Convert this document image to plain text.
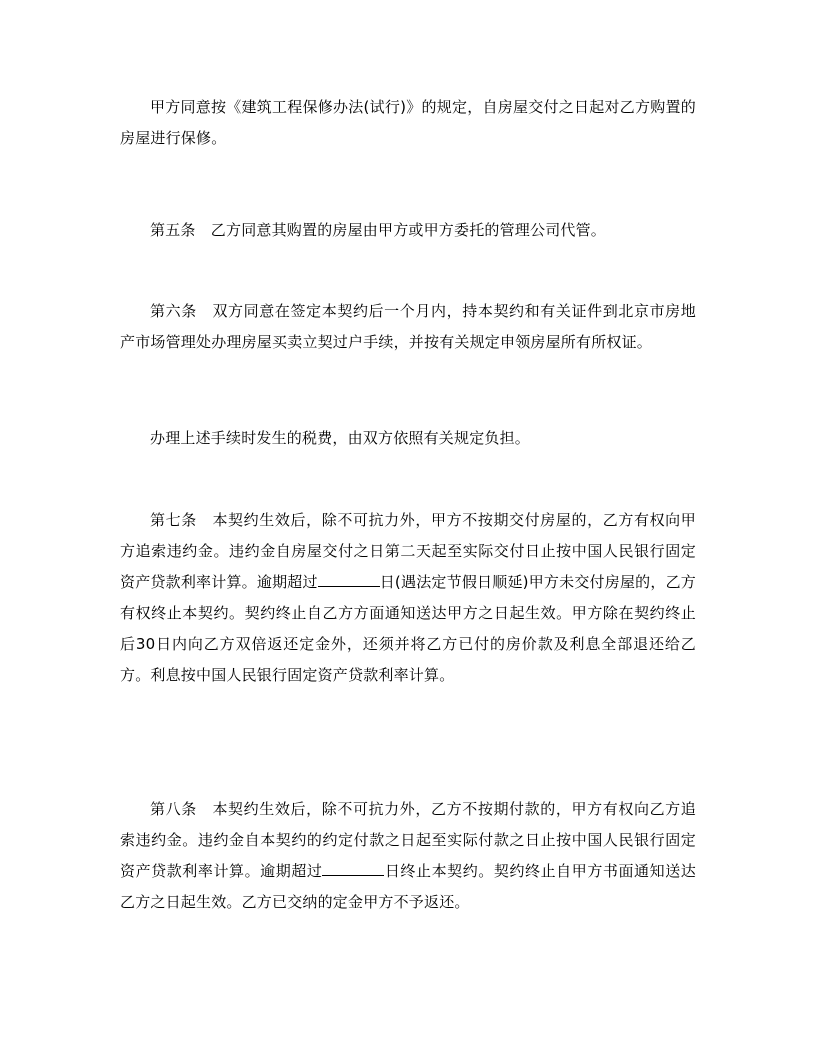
甲方同意按《建筑工程保修办法(试行)》的规定，自房屋交付之日起对乙方购置的房屋进行保修。

第五条　乙方同意其购置的房屋由甲方或甲方委托的管理公司代管。

第六条　双方同意在签定本契约后一个月内，持本契约和有关证件到北京市房地产市场管理处办理房屋买卖立契过户手续，并按有关规定申领房屋所有所权证。

办理上述手续时发生的税费，由双方依照有关规定负担。

第七条　本契约生效后，除不可抗力外，甲方不按期交付房屋的，乙方有权向甲方追索违约金。违约金自房屋交付之日第二天起至实际交付日止按中国人民银行固定资产贷款利率计算。逾期超过	日(遇法定节假日顺延)甲方未交付房屋的，乙方有权终止本契约。契约终止自乙方方面通知送达甲方之日起生效。甲方除在契约终止后30日内向乙方双倍返还定金外，还须并将乙方已付的房价款及利息全部退还给乙方。利息按中国人民银行固定资产贷款利率计算。

第八条　本契约生效后，除不可抗力外，乙方不按期付款的，甲方有权向乙方追索违约金。违约金自本契约的约定付款之日起至实际付款之日止按中国人民银行固定资产贷款利率计算。逾期超过	日终止本契约。契约终止自甲方书面通知送达乙方之日起生效。乙方已交纳的定金甲方不予返还。
